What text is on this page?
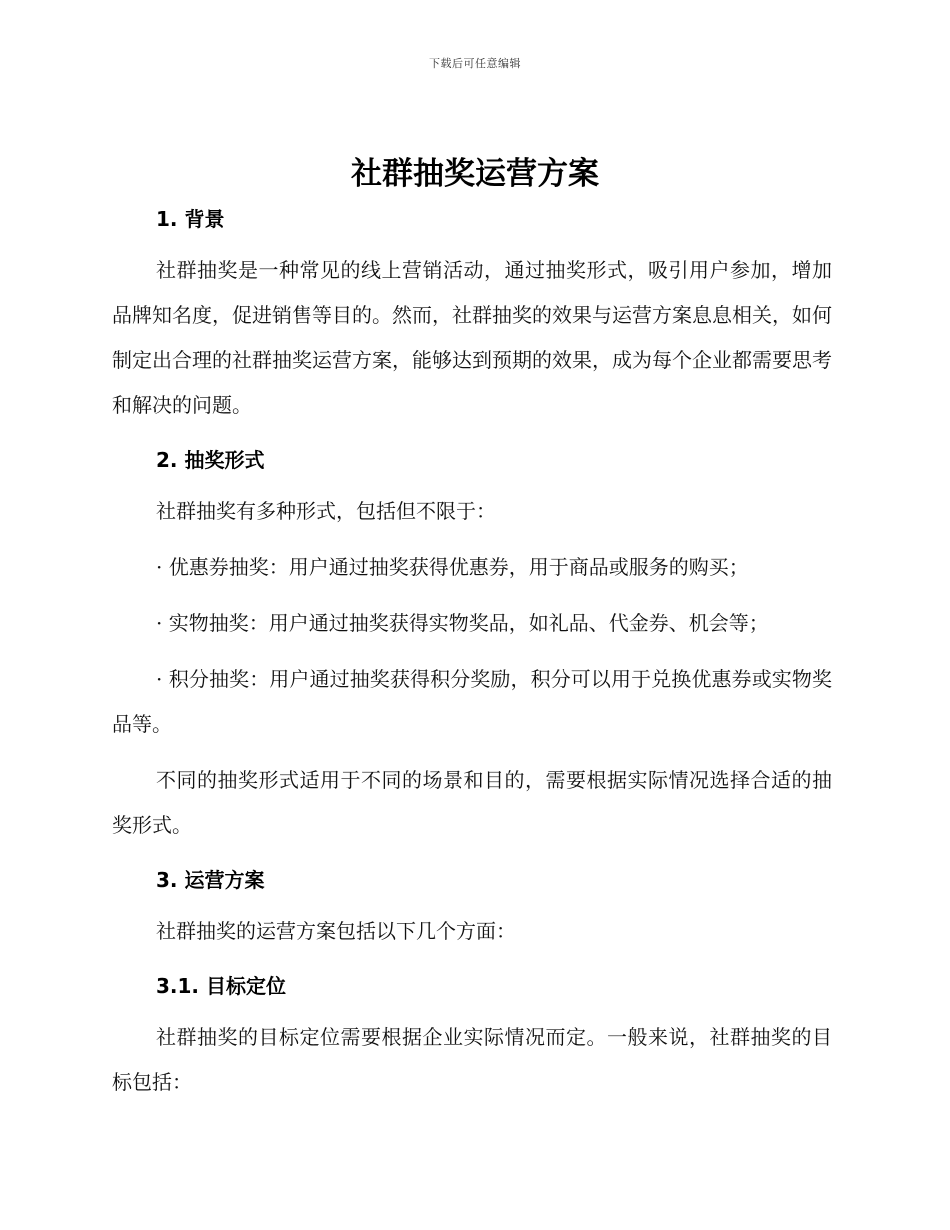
下载后可任意编辑
社群抽奖运营方案
1. 背景

社群抽奖是一种常见的线上营销活动，通过抽奖形式，吸引用户参加，增加品牌知名度，促进销售等目的。然而，社群抽奖的效果与运营方案息息相关，如何制定出合理的社群抽奖运营方案，能够达到预期的效果，成为每个企业都需要思考和解决的问题。

2. 抽奖形式

社群抽奖有多种形式，包括但不限于：

· 优惠券抽奖：用户通过抽奖获得优惠券，用于商品或服务的购买；

· 实物抽奖：用户通过抽奖获得实物奖品，如礼品、代金券、机会等；

· 积分抽奖：用户通过抽奖获得积分奖励，积分可以用于兑换优惠券或实物奖品等。

不同的抽奖形式适用于不同的场景和目的，需要根据实际情况选择合适的抽奖形式。

3. 运营方案

社群抽奖的运营方案包括以下几个方面：

3.1. 目标定位

社群抽奖的目标定位需要根据企业实际情况而定。一般来说，社群抽奖的目标包括：
